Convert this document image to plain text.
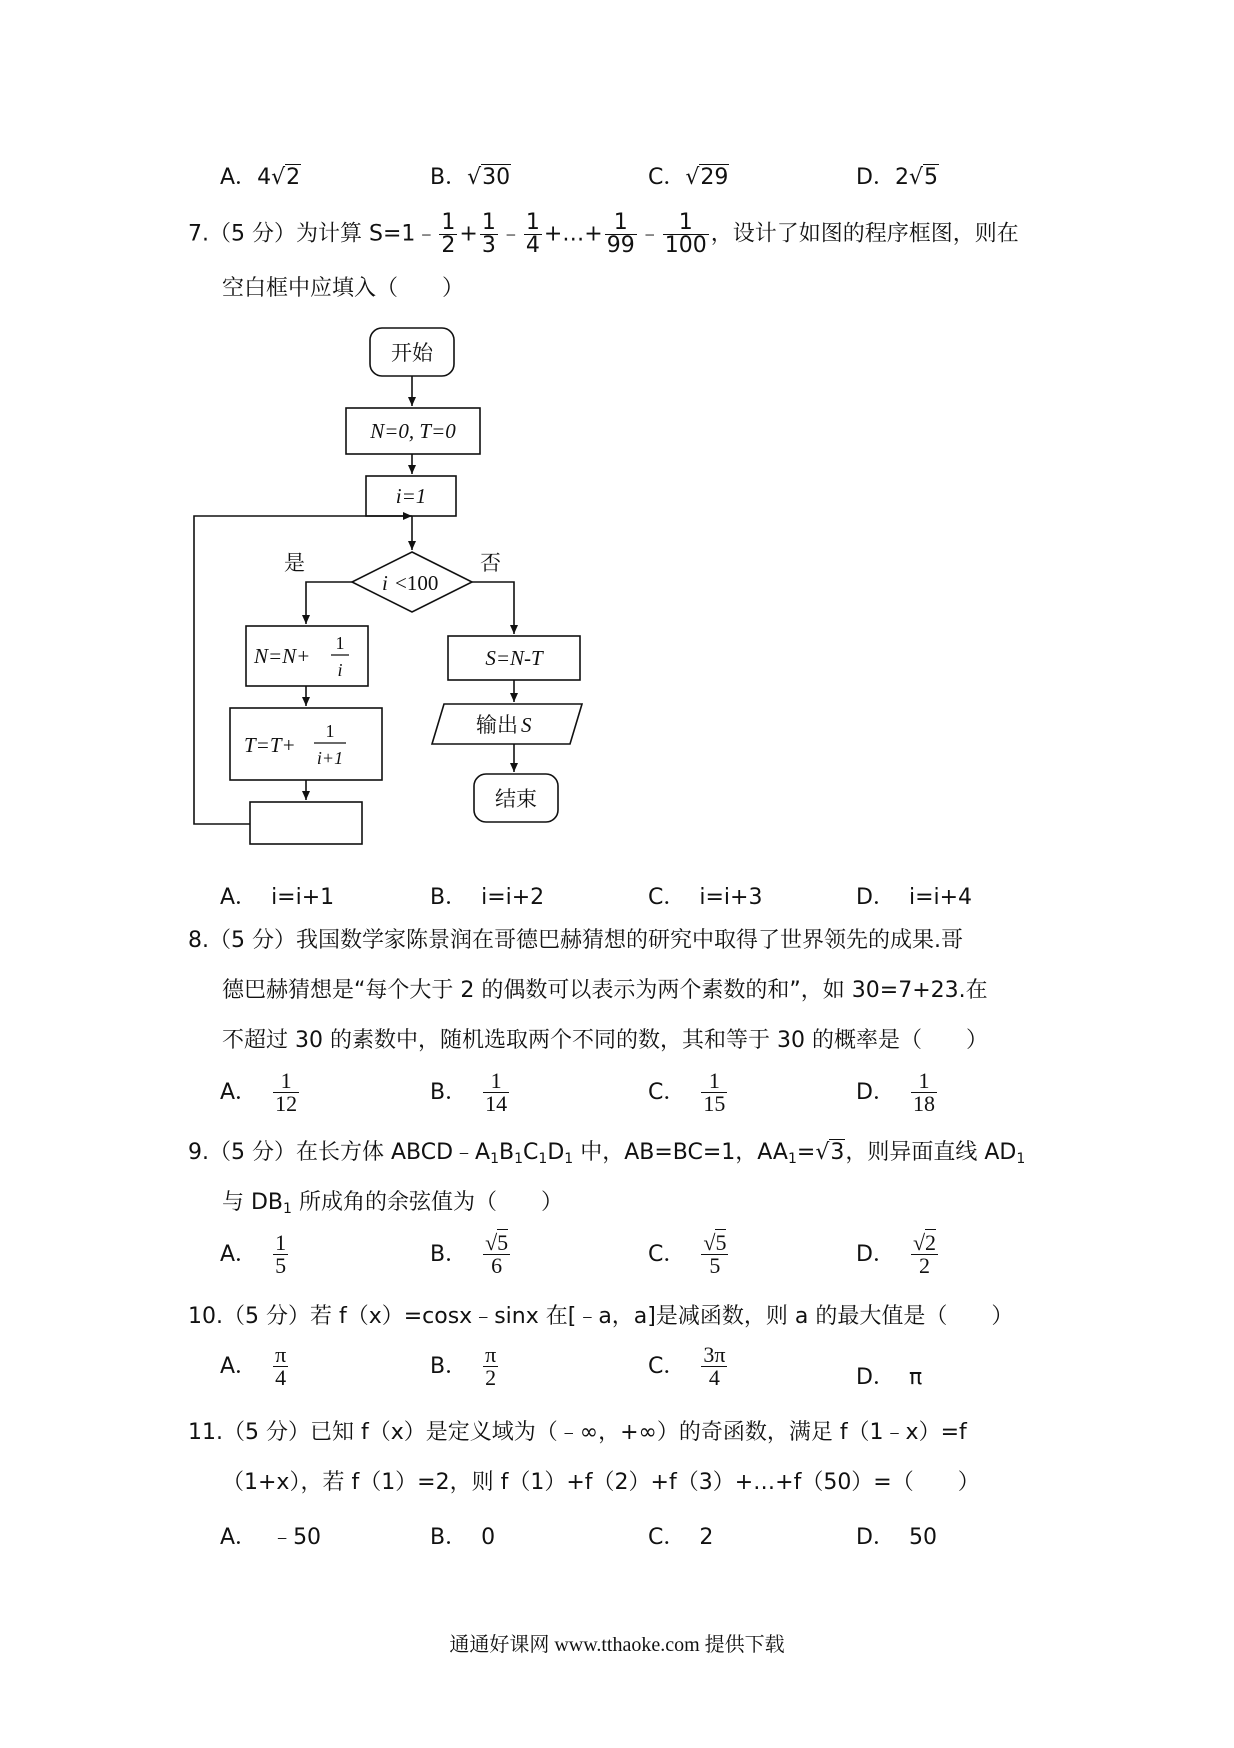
A．4√2	B．√30	C．√29	D．2√5
7.（5 分）为计算 S=1﹣ $\frac{1}{2} + \frac{1}{3}$ ﹣ $\frac{1}{4}$ +…+ $\frac{1}{99}$ ﹣ $\frac{1}{100}$ ，设计了如图的程序框图，则在
空白框中应填入（　　）
开始
N=0, T=0
i=1
i <100
是	否
N=N+
1
i
T=T+
1
i+1
S=N-T
输出 S
结束
A． i=i+1	B． i=i+2	C． i=i+3	D． i=i+4
8.（5 分）我国数学家陈景润在哥德巴赫猜想的研究中取得了世界领先的成果.哥
德巴赫猜想是“每个大于 2 的偶数可以表示为两个素数的和”，如 30=7+23.在
不超过 30 的素数中，随机选取两个不同的数，其和等于 30 的概率是（　　）
A． $\frac{1}{12}$	B． $\frac{1}{14}$	C． $\frac{1}{15}$	D． $\frac{1}{18}$
9.（5 分）在长方体 $ABCD﹣A_1B_1C_1D_1$ 中，AB=BC=1，$AA_1=√3$，则异面直线 $AD_1$
与 $DB_1$ 所成角的余弦值为（　　）
A． $\frac{1}{5}$	B． $\frac{√5}{6}$	C． $\frac{√5}{5}$	D． $\frac{√2}{2}$
10.（5 分）若 f（x）=cosx﹣sinx 在[﹣a，a]是减函数，则 a 的最大值是（　　）
A． $\frac{\pi}{4}$	B． $\frac{\pi}{2}$	C． $\frac{3\pi}{4}$	D． π
11.（5 分）已知 f（x）是定义域为（﹣∞，+∞）的奇函数，满足 f（1﹣x）=f
（1+x），若 f（1）=2，则 f（1）+f（2）+f（3）+…+f（50）=（　　）
A． ﹣50	B． 0	C． 2	D． 50
通通好课网 www.tthaoke.com 提供下载
